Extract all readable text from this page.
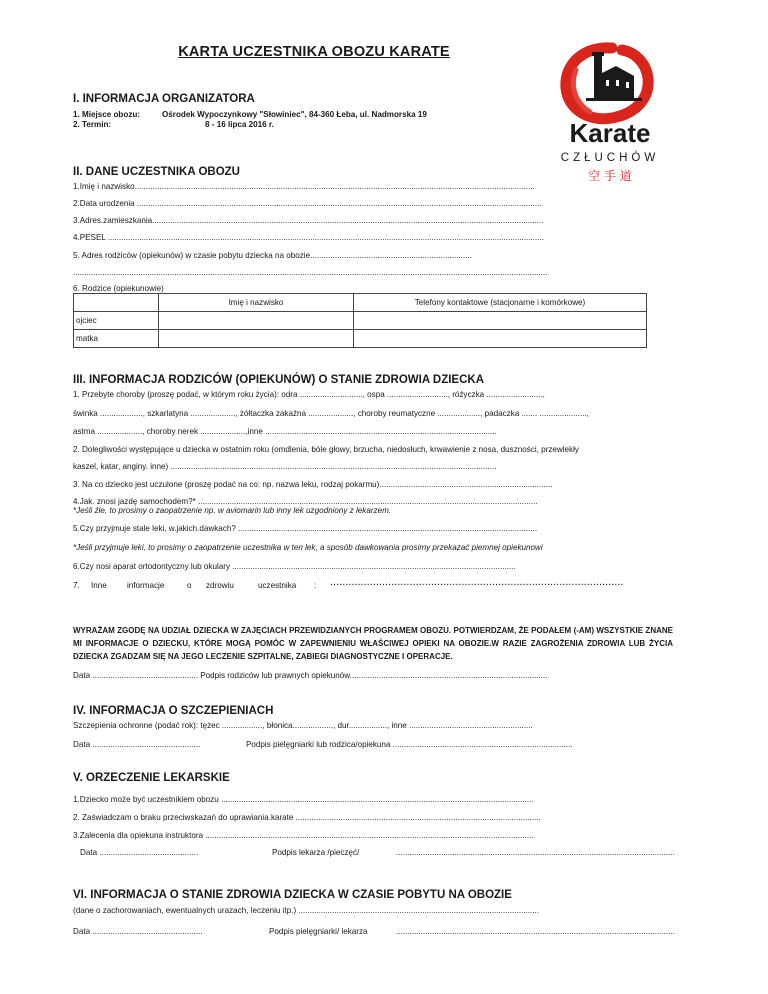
KARTA UCZESTNIKA OBOZU KARATE
Karate
CZŁUCHÓW
空 手 道
I. INFORMACJA ORGANIZATORA
1. Miejsce obozu:	Ośrodek Wypoczynkowy "Słowiniec", 84-360 Łeba, ul. Nadmorska 19
2. Termin:	8 - 16 lipca 2016 r.
II. DANE UCZESTNIKA OBOZU
1.Imię i nazwisko..................................................................................................................................................................................
2.Data urodzenia ....................................................................................................................................................................................
3.Adres.zamieszkania..............................................................................................................................................................................
4.PESEL ..................................................................................................................................................................................................
5. Adres rodziców (opiekunów) w czasie pobytu dziecka na obozie........................................................................
...................................................................................................................................................................................................................
6. Rodzice (opiekunowie)
	Imię i nazwisko	Telefony kontaktowe (stacjonarne i komórkowe)
ojciec		
matka		
III. INFORMACJA RODZICÓW (OPIEKUNÓW) O STANIE ZDROWIA DZIECKA
1. Przebyte choroby (proszę podać, w którym roku życia): odra ............................, ospa ..........................., różyczka .........................,
świnka ..................., szkarlatyna ...................., żółtaczka zakaźna ...................., choroby reumatyczne ..................., padaczka ....... .....................,
astma ...................., choroby nerek ....................,inne .......................................................................................................
2. Dolegliwości występujące u dziecka w ostatnim roku (omdlenia, bóle głowy, brzucha, niedosłuch, krwawienie z nosa, duszności, przewlekły
kaszel, katar, anginy. inne) .................................................................................................................................................
3. Na co dziecko jest uczulone (proszę podać na co: np. nazwa leku, rodzaj pokarmu).............................................................................
4.Jak. znosi jazdę samochodem?* .......................................................................................................................................................
*Jeśli źle, to prosimy o zaopatrzenie np. w aviomarin lub inny lek uzgodniony z lekarzem.
5.Czy przyjmuje stale leki, w.jakich.dawkach? .....................................................................................................................................
*Jeśli przyjmuje leki, to prosimy o zaopatrzenie uczestnika w ten lek, a sposób dawkowania prosimy przekazać piemnej opiekunowi
6.Czy nosi aparat ortodontyczny lub okulary ..............................................................................................................................
7. Inne informacje	o zdrowiu	uczestnika : ................................................................................................
WYRAŻAM ZGODĘ NA UDZIAŁ DZIECKA W ZAJĘCIACH PRZEWIDZIANYCH PROGRAMEM OBOZU. POTWIERDZAM, ŻE PODAŁEM (-AM) WSZYSTKIE ZNANE MI INFORMACJE O DZIECKU, KTÓRE MOGĄ POMÓC W ZAPEWNIENIU WŁAŚCIWEJ OPIEKI NA OBOZIE.W RAZIE ZAGROŻENIA ZDROWIA LUB ŻYCIA DZIECKA ZGADZAM SIĘ NA JEGO LECZENIE SZPITALNE, ZABIEGI DIAGNOSTYCZNE I OPERACJE.
Data ............................................... Podpis rodziców lub prawnych opiekunów........................................................................................
IV. INFORMACJA O SZCZEPIENIACH
Szczepienia ochronne (podać rok): tężec .................., błonica.................., dur................., inne .......................................................
Data ................................................	Podpis pielęgniarki lub rodzica/opiekuna ................................................................................
V. ORZECZENIE LEKARSKIE
1.Dziecko może być uczestnikiem obozu ...........................................................................................................................................
2. Zaświadczam o braku przeciwskazań do uprawiania.karate .............................................................................................................
3.Zalecenia dla opiekuna instruktora ..................................................................................................................................................
Data ............................................	Podpis lekarza /pieczęć/	............................................................................................................................
VI. INFORMACJA O STANIE ZDROWIA DZIECKA W CZASIE POBYTU NA OBOZIE
(dane o zachorowaniach, ewentualnych urazach, leczeniu itp.) ...........................................................................................................
Data .................................................	Podpis pielęgniarki/ lekarza	............................................................................................................................
